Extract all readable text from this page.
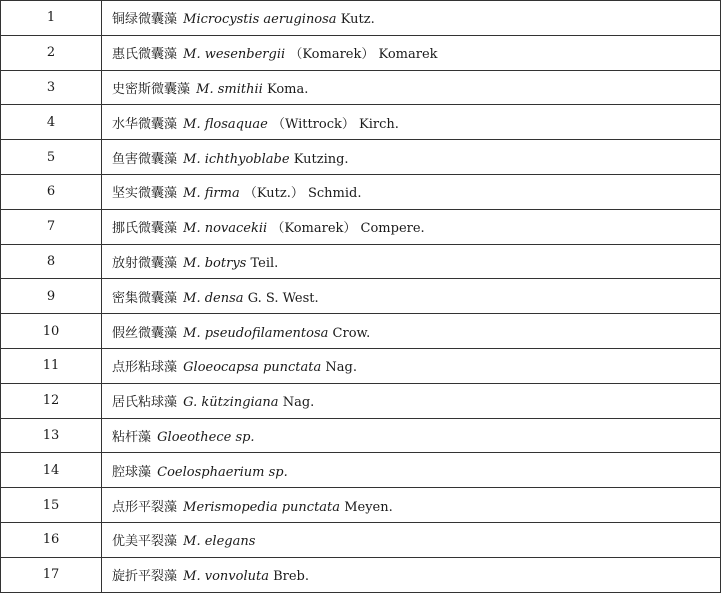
1	铜绿微囊藻 Microcystis aeruginosa Kutz.
2	惠氏微囊藻 M. wesenbergii （Komarek） Komarek
3	史密斯微囊藻 M. smithii Koma.
4	水华微囊藻 M. flosaquae （Wittrock） Kirch.
5	鱼害微囊藻 M. ichthyoblabe Kutzing.
6	坚实微囊藻 M. firma （Kutz.） Schmid.
7	挪氏微囊藻 M. novacekii （Komarek） Compere.
8	放射微囊藻 M. botrys Teil.
9	密集微囊藻 M. densa G. S. West.
10	假丝微囊藻 M. pseudofilamentosa Crow.
11	点形粘球藻 Gloeocapsa punctata Nag.
12	居氏粘球藻 G. kützingiana Nag.
13	粘杆藻 Gloeothece sp.
14	腔球藻 Coelosphaerium sp.
15	点形平裂藻 Merismopedia punctata Meyen.
16	优美平裂藻 M. elegans
17	旋折平裂藻 M. vonvoluta Breb.
